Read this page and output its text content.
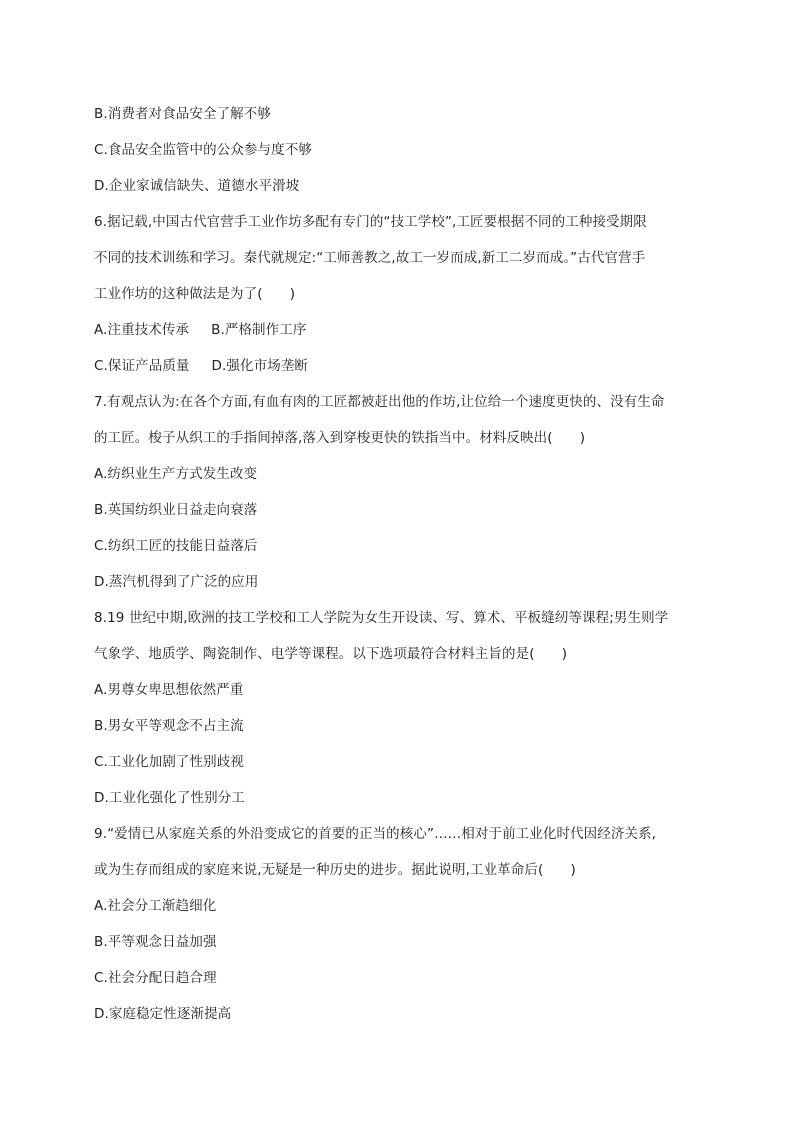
B.消费者对食品安全了解不够
C.食品安全监管中的公众参与度不够
D.企业家诚信缺失、道德水平滑坡
6.据记载,中国古代官营手工业作坊多配有专门的“技工学校”,工匠要根据不同的工种接受期限
不同的技术训练和学习。秦代就规定:“工师善教之,故工一岁而成,新工二岁而成。”古代官营手
工业作坊的这种做法是为了(　　)
A.注重技术传承 B.严格制作工序
C.保证产品质量 D.强化市场垄断
7.有观点认为:在各个方面,有血有肉的工匠都被赶出他的作坊,让位给一个速度更快的、没有生命
的工匠。梭子从织工的手指间掉落,落入到穿梭更快的铁指当中。材料反映出(　　)
A.纺织业生产方式发生改变
B.英国纺织业日益走向衰落
C.纺织工匠的技能日益落后
D.蒸汽机得到了广泛的应用
8.19 世纪中期,欧洲的技工学校和工人学院为女生开设读、写、算术、平板缝纫等课程;男生则学
气象学、地质学、陶瓷制作、电学等课程。以下选项最符合材料主旨的是(　　)
A.男尊女卑思想依然严重
B.男女平等观念不占主流
C.工业化加剧了性别歧视
D.工业化强化了性别分工
9.“爱情已从家庭关系的外沿变成它的首要的正当的核心”……相对于前工业化时代因经济关系,
或为生存而组成的家庭来说,无疑是一种历史的进步。据此说明,工业革命后(　　)
A.社会分工渐趋细化
B.平等观念日益加强
C.社会分配日趋合理
D.家庭稳定性逐渐提高
